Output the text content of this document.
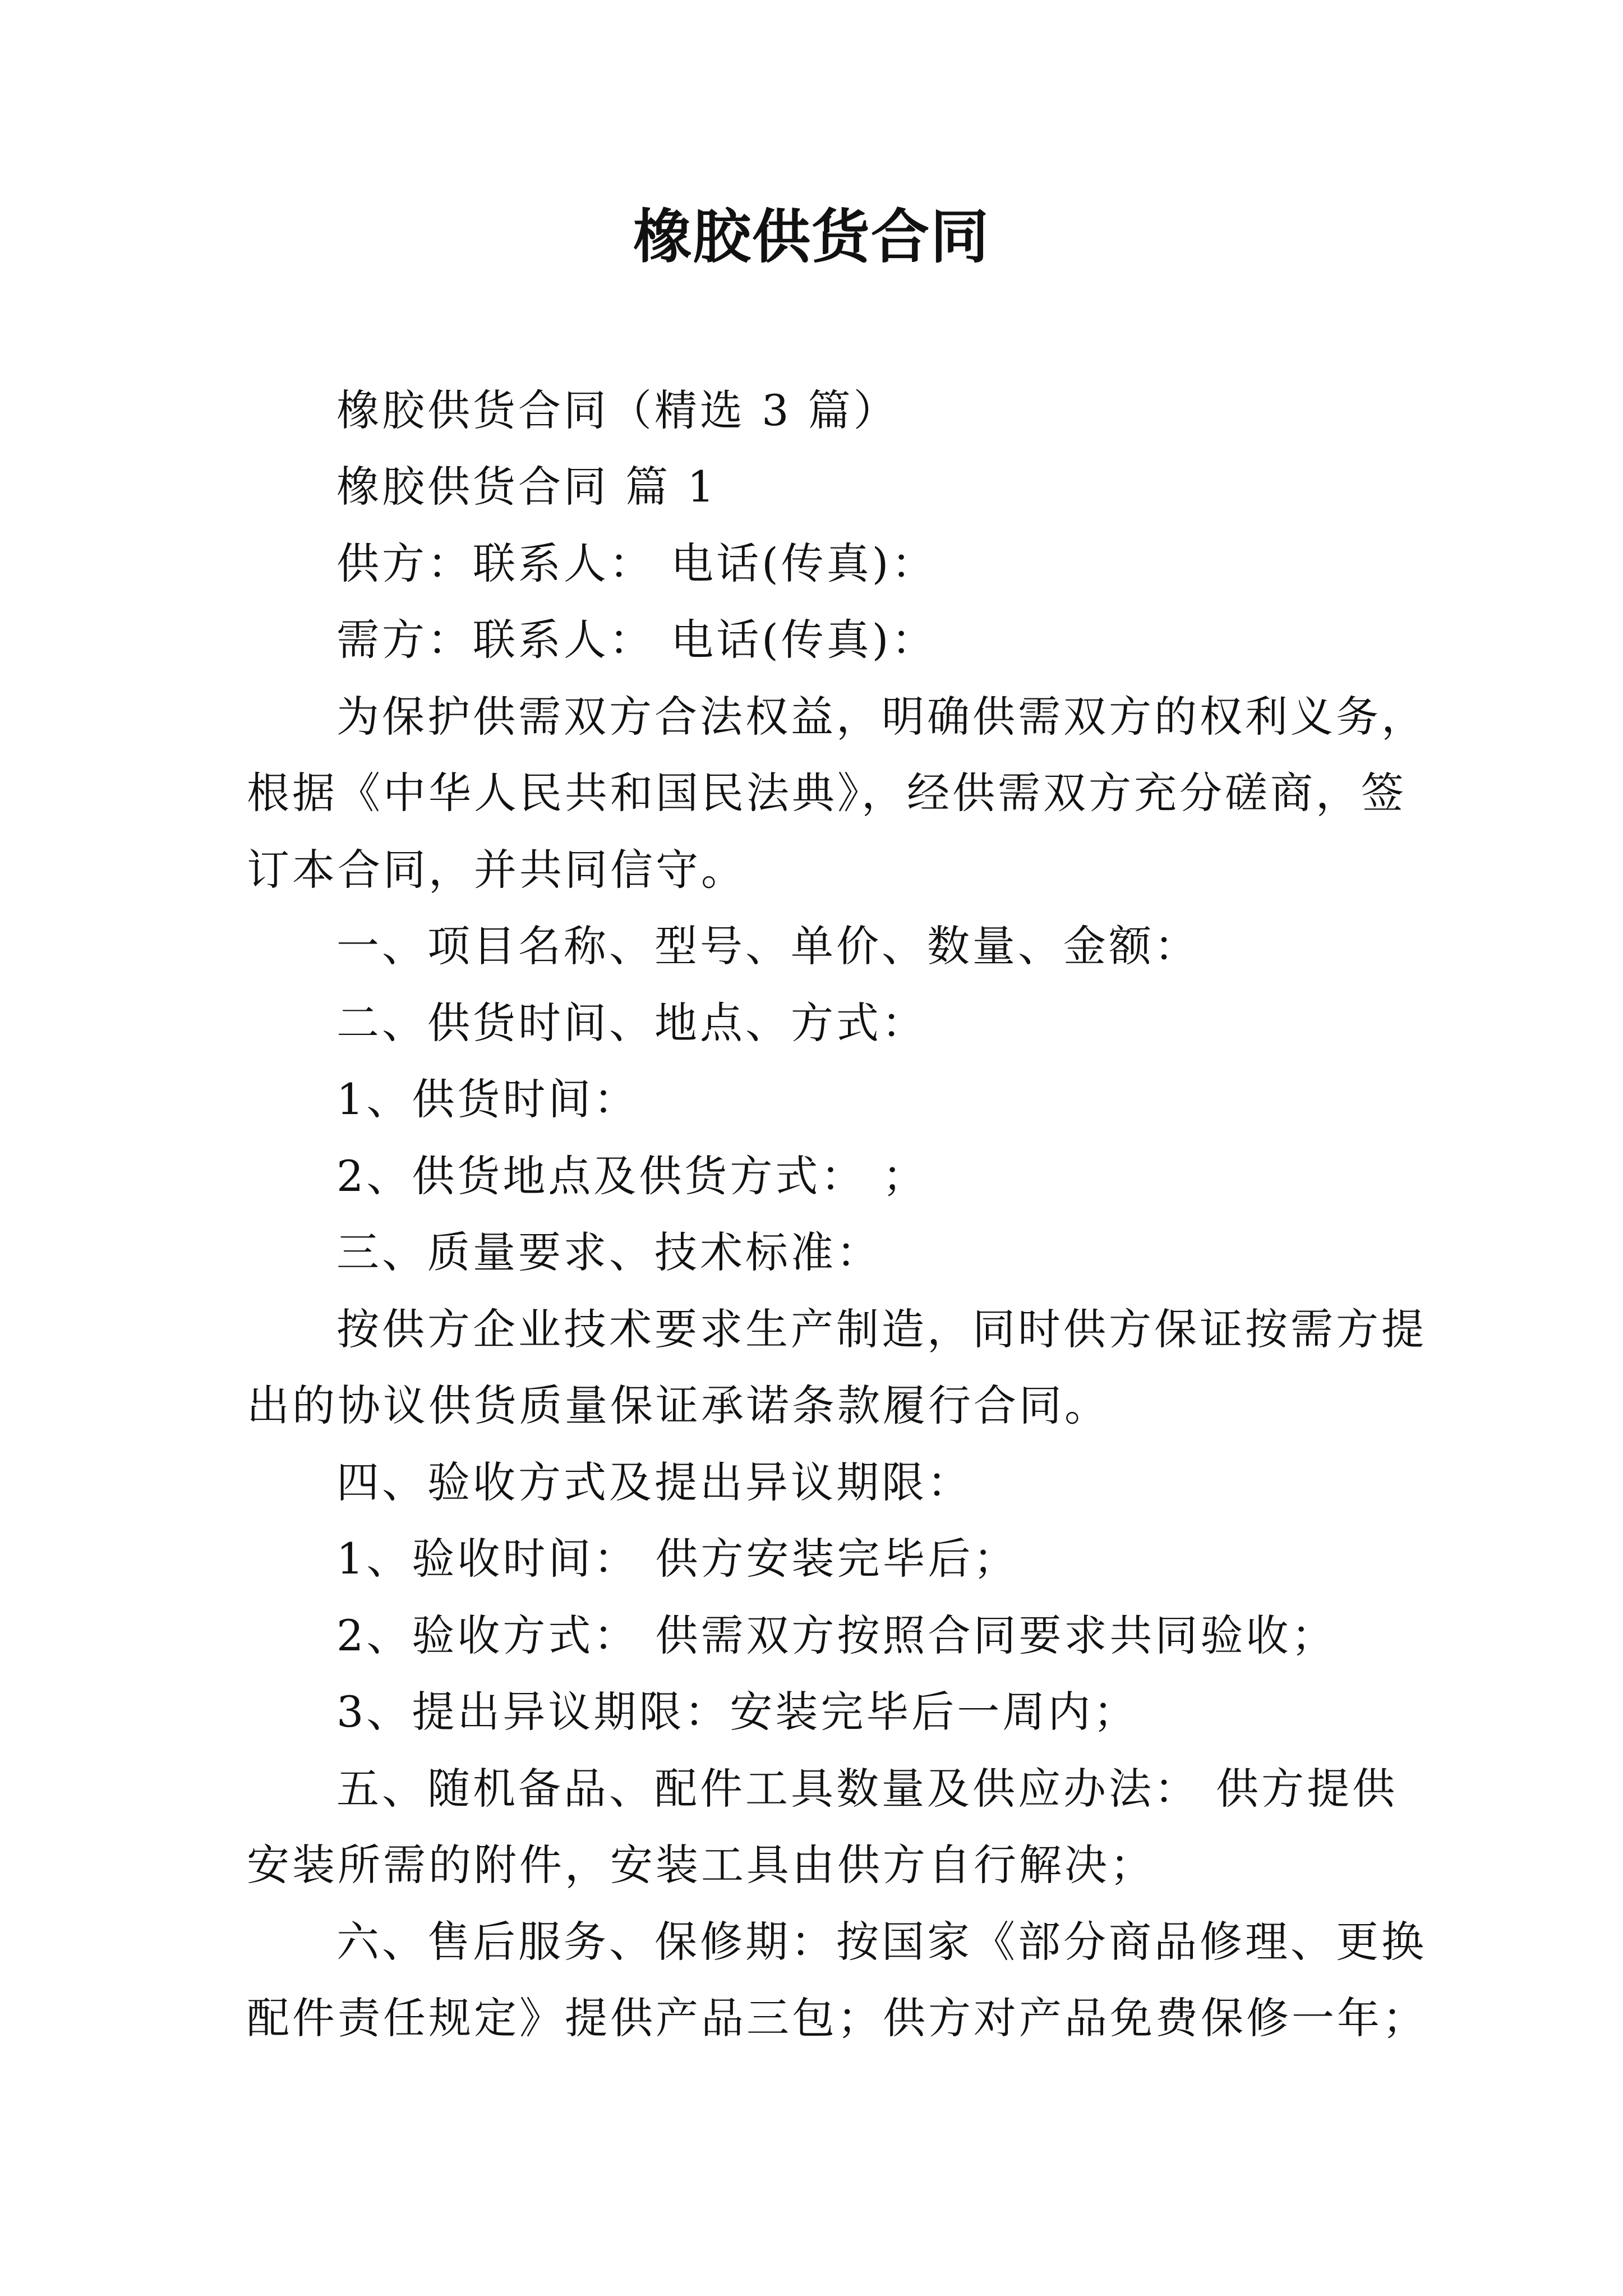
橡胶供货合同
橡胶供货合同（精选 3 篇）
橡胶供货合同 篇 1
供方：联系人： 电话(传真)：
需方：联系人： 电话(传真)：
为保护供需双方合法权益，明确供需双方的权利义务，
根据《中华人民共和国民法典》，经供需双方充分磋商，签
订本合同，并共同信守。
一、项目名称、型号、单价、数量、金额：
二、供货时间、地点、方式：
1、供货时间：
2、供货地点及供货方式： ；
三、质量要求、技术标准：
按供方企业技术要求生产制造，同时供方保证按需方提
出的协议供货质量保证承诺条款履行合同。
四、验收方式及提出异议期限：
1、验收时间： 供方安装完毕后；
2、验收方式： 供需双方按照合同要求共同验收；
3、提出异议期限：安装完毕后一周内；
五、随机备品、配件工具数量及供应办法： 供方提供
安装所需的附件，安装工具由供方自行解决；
六、售后服务、保修期：按国家《部分商品修理、更换
配件责任规定》提供产品三包；供方对产品免费保修一年；
